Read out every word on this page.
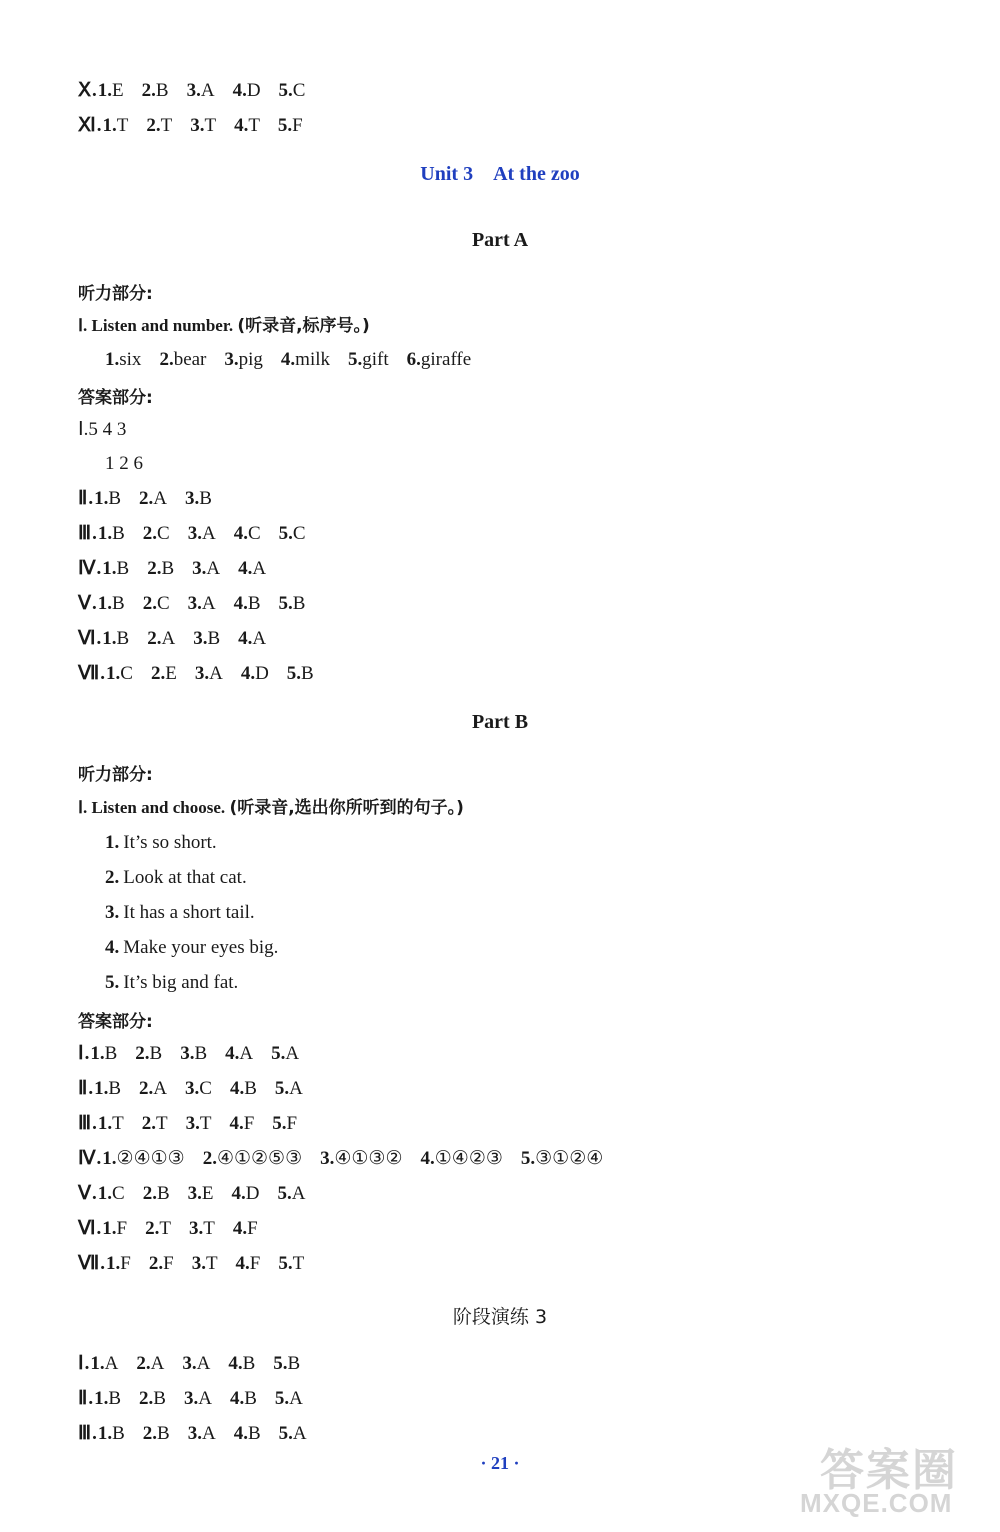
Ⅹ.1.E 2.B 3.A 4.D 5.C
Ⅺ.1.T 2.T 3.T 4.T 5.F
Unit 3 At the zoo
Part A
听力部分:
Ⅰ. Listen and number. (听录音,标序号。)
1.six 2.bear 3.pig 4.milk 5.gift 6.giraffe
答案部分:
Ⅰ.5 4 3
1 2 6
Ⅱ.1.B 2.A 3.B
Ⅲ.1.B 2.C 3.A 4.C 5.C
Ⅳ.1.B 2.B 3.A 4.A
Ⅴ.1.B 2.C 3.A 4.B 5.B
Ⅵ.1.B 2.A 3.B 4.A
Ⅶ.1.C 2.E 3.A 4.D 5.B
Part B
听力部分:
Ⅰ. Listen and choose. (听录音,选出你所听到的句子。)
1. It’s so short.
2. Look at that cat.
3. It has a short tail.
4. Make your eyes big.
5. It’s big and fat.
答案部分:
Ⅰ.1.B 2.B 3.B 4.A 5.A
Ⅱ.1.B 2.A 3.C 4.B 5.A
Ⅲ.1.T 2.T 3.T 4.F 5.F
Ⅳ.1.②④①③ 2.④①②⑤③ 3.④①③② 4.①④②③ 5.③①②④
Ⅴ.1.C 2.B 3.E 4.D 5.A
Ⅵ.1.F 2.T 3.T 4.F
Ⅶ.1.F 2.F 3.T 4.F 5.T
阶段演练 3
Ⅰ.1.A 2.A 3.A 4.B 5.B
Ⅱ.1.B 2.B 3.A 4.B 5.A
Ⅲ.1.B 2.B 3.A 4.B 5.A
· 21 ·	答案圈
MXQE.COM
